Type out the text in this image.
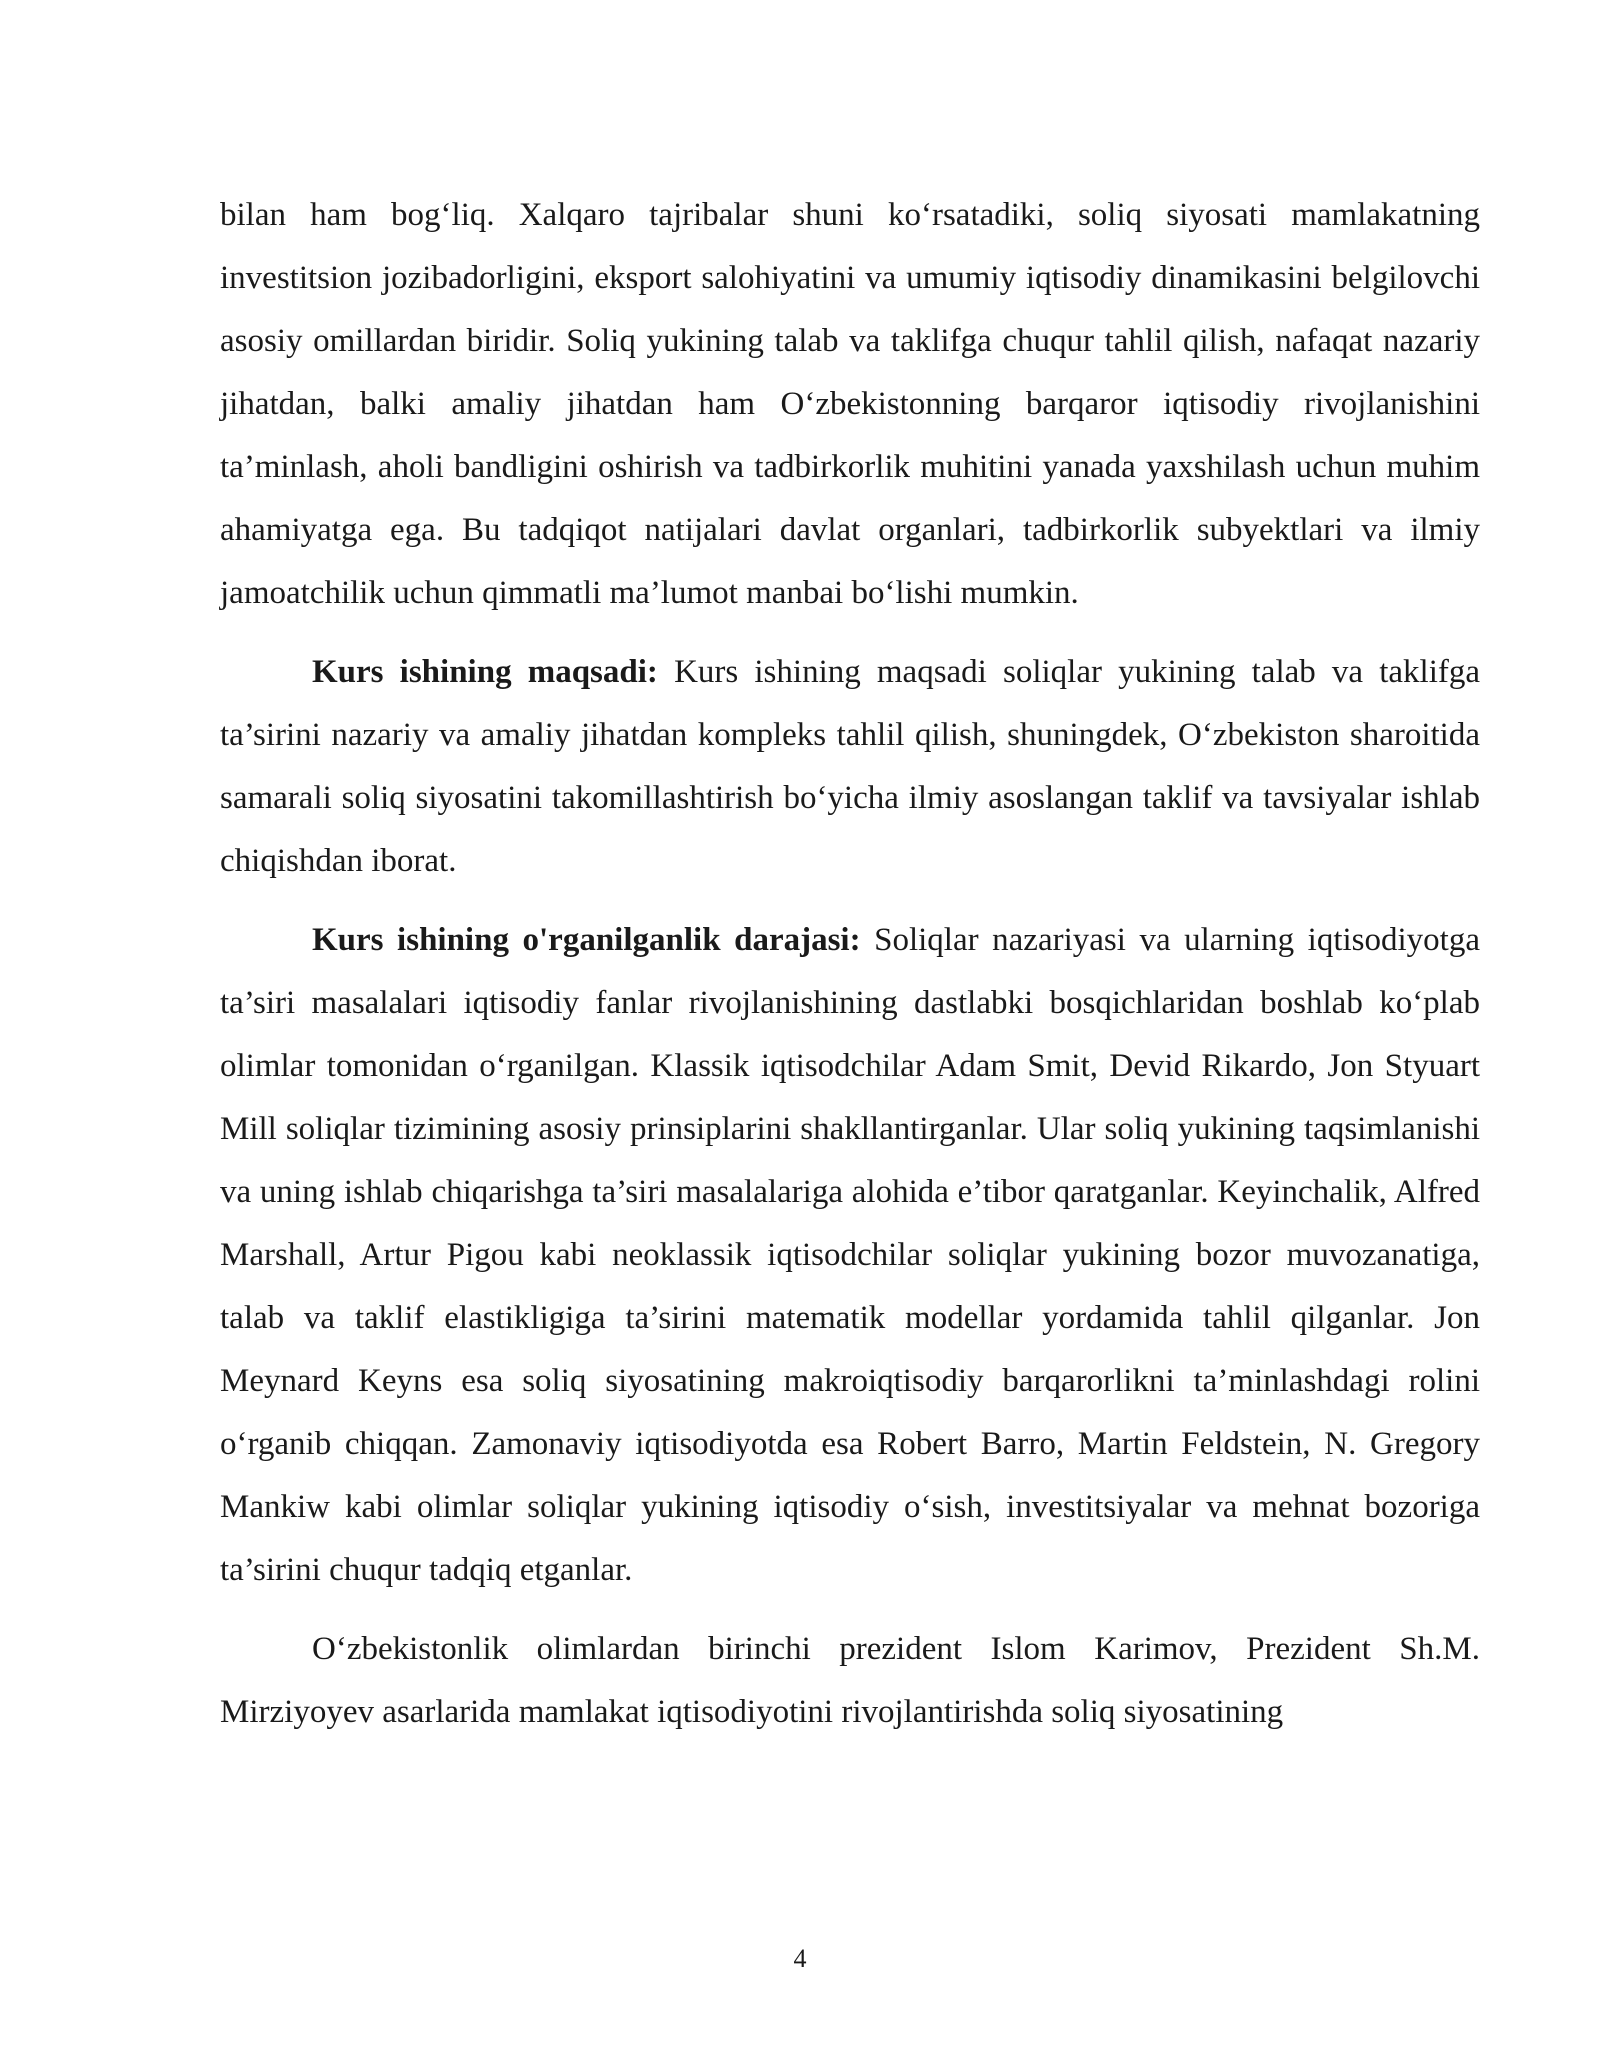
bilan ham bog‘liq. Xalqaro tajribalar shuni ko‘rsatadiki, soliq siyosati mamlakatning investitsion jozibadorligini, eksport salohiyatini va umumiy iqtisodiy dinamikasini belgilovchi asosiy omillardan biridir. Soliq yukining talab va taklifga chuqur tahlil qilish, nafaqat nazariy jihatdan, balki amaliy jihatdan ham O‘zbekistonning barqaror iqtisodiy rivojlanishini ta’minlash, aholi bandligini oshirish va tadbirkorlik muhitini yanada yaxshilash uchun muhim ahamiyatga ega. Bu tadqiqot natijalari davlat organlari, tadbirkorlik subyektlari va ilmiy jamoatchilik uchun qimmatli ma’lumot manbai bo‘lishi mumkin.

Kurs ishining maqsadi: Kurs ishining maqsadi soliqlar yukining talab va taklifga ta’sirini nazariy va amaliy jihatdan kompleks tahlil qilish, shuningdek, O‘zbekiston sharoitida samarali soliq siyosatini takomillashtirish bo‘yicha ilmiy asoslangan taklif va tavsiyalar ishlab chiqishdan iborat.

Kurs ishining o'rganilganlik darajasi: Soliqlar nazariyasi va ularning iqtisodiyotga ta’siri masalalari iqtisodiy fanlar rivojlanishining dastlabki bosqichlaridan boshlab ko‘plab olimlar tomonidan o‘rganilgan. Klassik iqtisodchilar Adam Smit, Devid Rikardo, Jon Styuart Mill soliqlar tizimining asosiy prinsiplarini shakllantirganlar. Ular soliq yukining taqsimlanishi va uning ishlab chiqarishga ta’siri masalalariga alohida e’tibor qaratganlar. Keyinchalik, Alfred Marshall, Artur Pigou kabi neoklassik iqtisodchilar soliqlar yukining bozor muvozanatiga, talab va taklif elastikligiga ta’sirini matematik modellar yordamida tahlil qilganlar. Jon Meynard Keyns esa soliq siyosatining makroiqtisodiy barqarorlikni ta’minlashdagi rolini o‘rganib chiqqan. Zamonaviy iqtisodiyotda esa Robert Barro, Martin Feldstein, N. Gregory Mankiw kabi olimlar soliqlar yukining iqtisodiy o‘sish, investitsiyalar va mehnat bozoriga ta’sirini chuqur tadqiq etganlar.

O‘zbekistonlik olimlardan birinchi prezident Islom Karimov, Prezident Sh.M. Mirziyoyev asarlarida mamlakat iqtisodiyotini rivojlantirishda soliq siyosatining

4
